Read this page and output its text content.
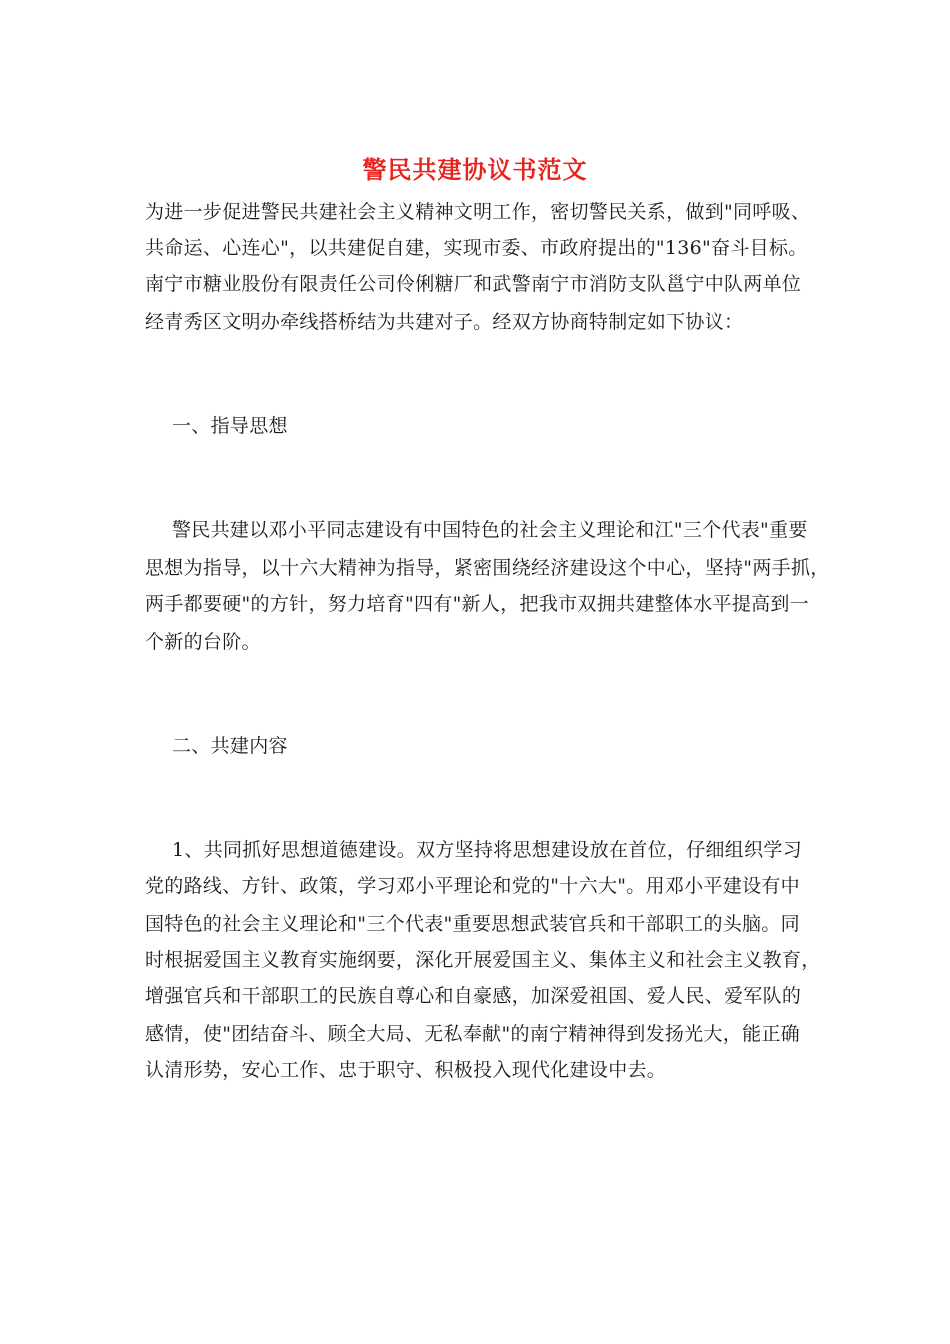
警民共建协议书范文
为进一步促进警民共建社会主义精神文明工作，密切警民关系，做到"同呼吸、
共命运、心连心"，以共建促自建，实现市委、市政府提出的"136"奋斗目标。
南宁市糖业股份有限责任公司伶俐糖厂和武警南宁市消防支队邕宁中队两单位
经青秀区文明办牵线搭桥结为共建对子。经双方协商特制定如下协议：
一、指导思想
警民共建以邓小平同志建设有中国特色的社会主义理论和江"三个代表"重要
思想为指导，以十六大精神为指导，紧密围绕经济建设这个中心，坚持"两手抓，
两手都要硬"的方针，努力培育"四有"新人，把我市双拥共建整体水平提高到一
个新的台阶。
二、共建内容
1、共同抓好思想道德建设。双方坚持将思想建设放在首位，仔细组织学习
党的路线、方针、政策，学习邓小平理论和党的"十六大"。用邓小平建设有中
国特色的社会主义理论和"三个代表"重要思想武装官兵和干部职工的头脑。同
时根据爱国主义教育实施纲要，深化开展爱国主义、集体主义和社会主义教育，
增强官兵和干部职工的民族自尊心和自豪感，加深爱祖国、爱人民、爱军队的
感情，使"团结奋斗、顾全大局、无私奉献"的南宁精神得到发扬光大，能正确
认清形势，安心工作、忠于职守、积极投入现代化建设中去。
